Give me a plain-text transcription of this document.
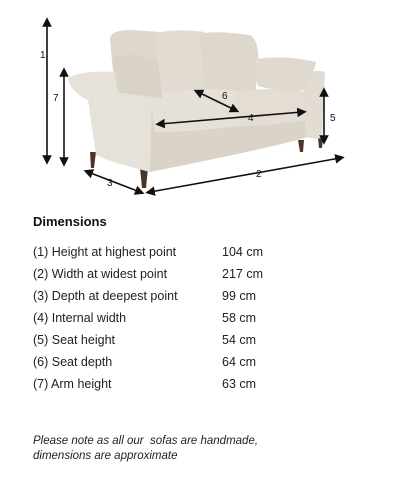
1
7	6
4	5
3
2
Dimensions
(1) Height at highest point	104 cm
(2) Width at widest point	217 cm
(3) Depth at deepest point	99 cm
(4) Internal width	58 cm
(5) Seat height	54 cm
(6) Seat depth	64 cm
(7) Arm height	63 cm
Please note as all our  sofas are handmade,
dimensions are approximate
